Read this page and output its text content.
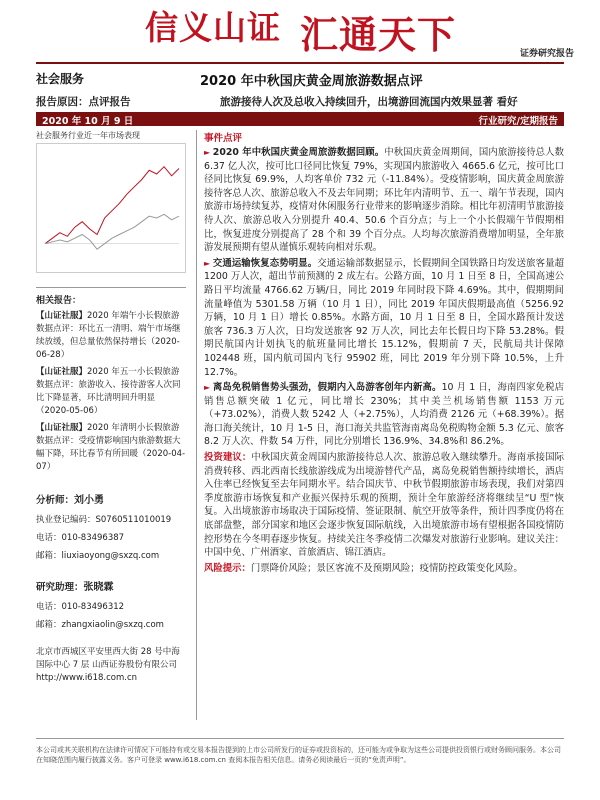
信义山证 汇通天下	证券研究报告
社会服务	2020 年中秋国庆黄金周旅游数据点评
报告原因：点评报告	旅游接待人次及总收入持续回升，出境游回流国内效果显著 看好
2020 年 10 月 9 日	行业研究/定期报告
社会服务行业近一年市场表现
相关报告：
【山证社服】2020 年端午小长假旅游数据点评：环比五一清明、端午市场继续放缓，但总量依然保持增长（2020-06-28）
【山证社服】2020 年五一小长假旅游数据点评：旅游收入、接待游客人次同比下降显著，环比清明回升明显（2020-05-06）
【山证社服】2020 年清明小长假旅游数据点评：受疫情影响国内旅游数据大幅下降，环比春节有所回暖（2020-04-07）
分析师：刘小勇
执业登记编码：S0760511010019
电话：010-83496387
邮箱：liuxiaoyong@sxzq.com
研究助理：张晓霖
电话：010-83496312
邮箱：zhangxiaolin@sxzq.com
北京市西城区平安里西大街 28 号中海国际中心 7 层 山西证券股份有限公司 http://www.i618.com.cn
事件点评
► 2020 年中秋国庆黄金周旅游数据回顾。中秋国庆黄金周期间，国内旅游接待总人数 6.37 亿人次，按可比口径同比恢复 79%，实现国内旅游收入 4665.6 亿元，按可比口径同比恢复 69.9%，人均客单价 732 元（-11.84%）。受疫情影响，国庆黄金周旅游接待客总人次、旅游总收入不及去年同期；环比年内清明节、五一、端午节表现，国内旅游市场持续复苏，疫情对休闲服务行业带来的影响逐步消除。相比年初清明节旅游接待人次、旅游总收入分别提升 40.4、50.6 个百分点；与上一个小长假端午节假期相比，恢复进度分别提高了 28 个和 39 个百分点。人均每次旅游消费增加明显，全年旅游发展预期有望从谨慎乐观转向相对乐观。
► 交通运输恢复态势明显。交通运输部数据显示，长假期间全国铁路日均发送旅客量超 1200 万人次，超出节前预测的 2 成左右。公路方面，10 月 1 日至 8 日，全国高速公路日平均流量 4766.62 万辆/日，同比 2019 年同时段下降 4.69%。其中，假期期间流量峰值为 5301.58 万辆（10 月 1 日），同比 2019 年国庆假期最高值（5256.92 万辆，10 月 1 日）增长 0.85%。水路方面，10 月 1 日至 8 日，全国水路预计发送旅客 736.3 万人次，日均发送旅客 92 万人次，同比去年长假日均下降 53.28%。假期民航国内计划执飞的航班量同比增长 15.12%，假期前 7 天，民航局共计保障 102448 班，国内航司国内飞行 95902 班，同比 2019 年分别下降 10.5%，上升 12.7%。
► 离岛免税销售势头强劲，假期内入岛游客创年内新高。10 月 1 日，海南四家免税店销售总额突破 1 亿元，同比增长 230%；其中美兰机场销售额 1153 万元（+73.02%），消费人数 5242 人（+2.75%），人均消费 2126 元（+68.39%）。据海口海关统计，10 月 1-5 日，海口海关共监管海南离岛免税购物金额 5.3 亿元、旅客 8.2 万人次、件数 54 万件，同比分别增长 136.9%、34.8%和 86.2%。
投资建议：中秋国庆黄金周国内旅游接待总人次、旅游总收入继续攀升。海南承接国际消费转移、西北西南长线旅游线成为出境游替代产品，离岛免税销售额持续增长，酒店入住率已经恢复至去年同期水平。结合国庆节、中秋节假期旅游市场表现，我们对第四季度旅游市场恢复和产业振兴保持乐观的预期，预计全年旅游经济将继续呈“U 型”恢复。入出境旅游市场取决于国际疫情、签证限制、航空开放等条件，预计四季度仍将在底部盘整，部分国家和地区会逐步恢复国际航线，入出境旅游市场有望根据各国疫情防控形势在今冬明春逐步恢复。持续关注冬季疫情二次爆发对旅游行业影响。建议关注：中国中免、广州酒家、首旅酒店、锦江酒店。
风险提示：门票降价风险；景区客流不及预期风险；疫情防控政策变化风险。
本公司或其关联机构在法律许可情况下可能持有或交易本报告提到的上市公司所发行的证券或投资标的，还可能为或争取为这些公司提供投资银行或财务顾问服务。本公司在知晓范围内履行披露义务。客户可登录 www.i618.com.cn 查阅本报告相关信息。请务必阅读最后一页的“免责声明”。
